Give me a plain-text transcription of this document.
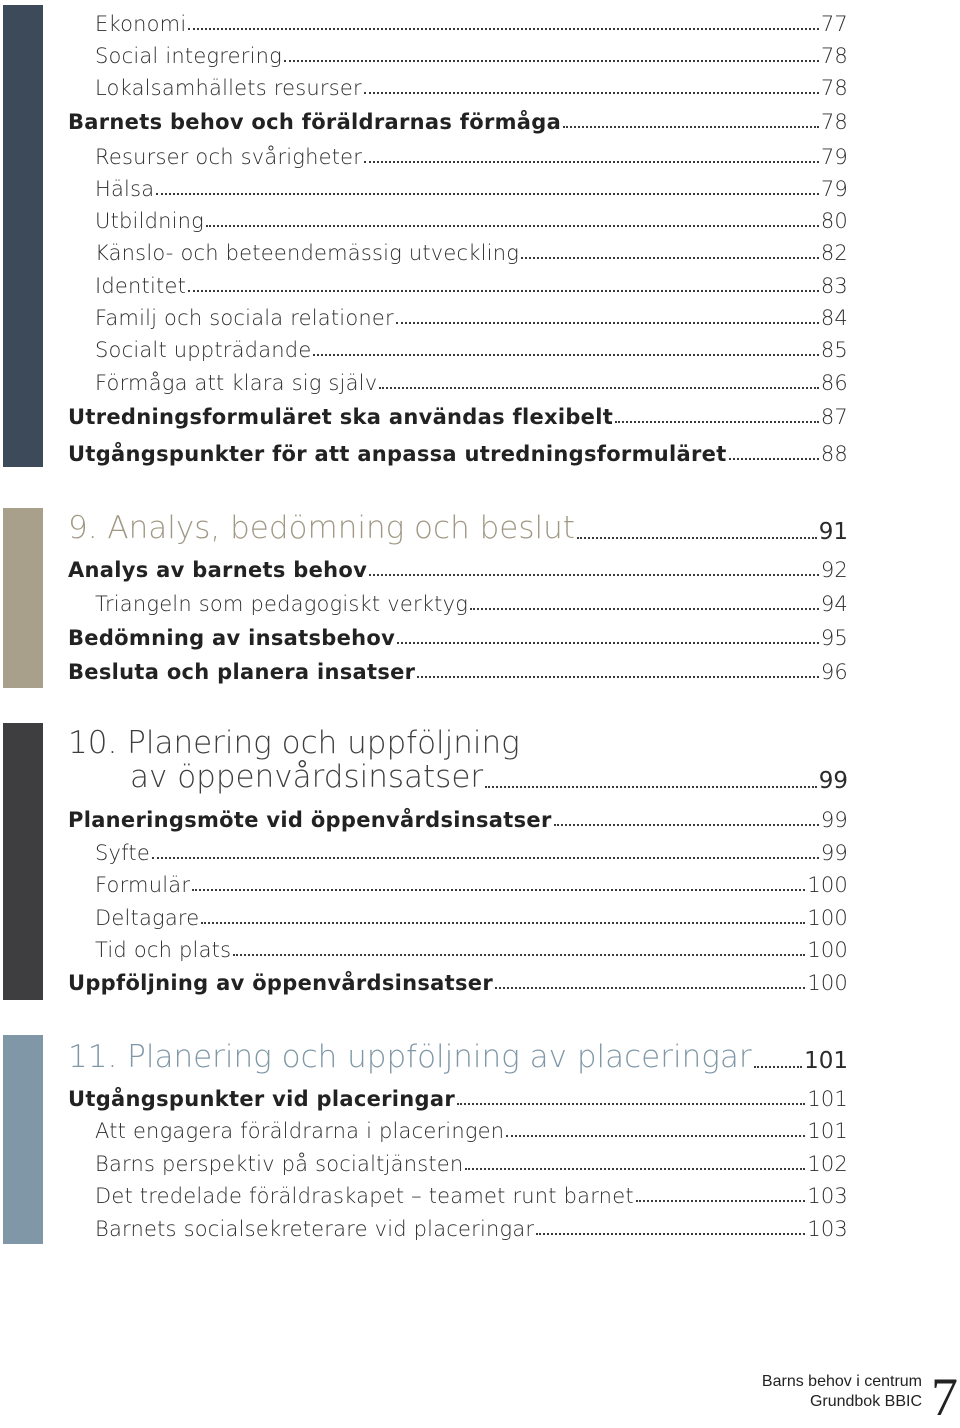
Ekonomi	77
Social integrering	78
Lokalsamhällets resurser	78
Barnets behov och föräldrarnas förmåga	78
Resurser och svårigheter	79
Hälsa	79
Utbildning	80
Känslo- och beteendemässig utveckling	82
Identitet	83
Familj och sociala relationer	84
Socialt uppträdande	85
Förmåga att klara sig själv	86
Utredningsformuläret ska användas flexibelt	87
Utgångspunkter för att anpassa utredningsformuläret	88
9. Analys, bedömning och beslut	91
Analys av barnets behov	92
Triangeln som pedagogiskt verktyg	94
Bedömning av insatsbehov	95
Besluta och planera insatser	96
10. Planering och uppföljning
av öppenvårdsinsatser	99
Planeringsmöte vid öppenvårdsinsatser	99
Syfte	99
Formulär	100
Deltagare	100
Tid och plats	100
Uppföljning av öppenvårdsinsatser	100
11. Planering och uppföljning av placeringar 101
Utgångspunkter vid placeringar	101
Att engagera föräldrarna i placeringen	101
Barns perspektiv på socialtjänsten	102
Det tredelade föräldraskapet – teamet runt barnet	103
Barnets socialsekreterare vid placeringar	103
Barns behov i centrum
Grundbok BBIC 7
